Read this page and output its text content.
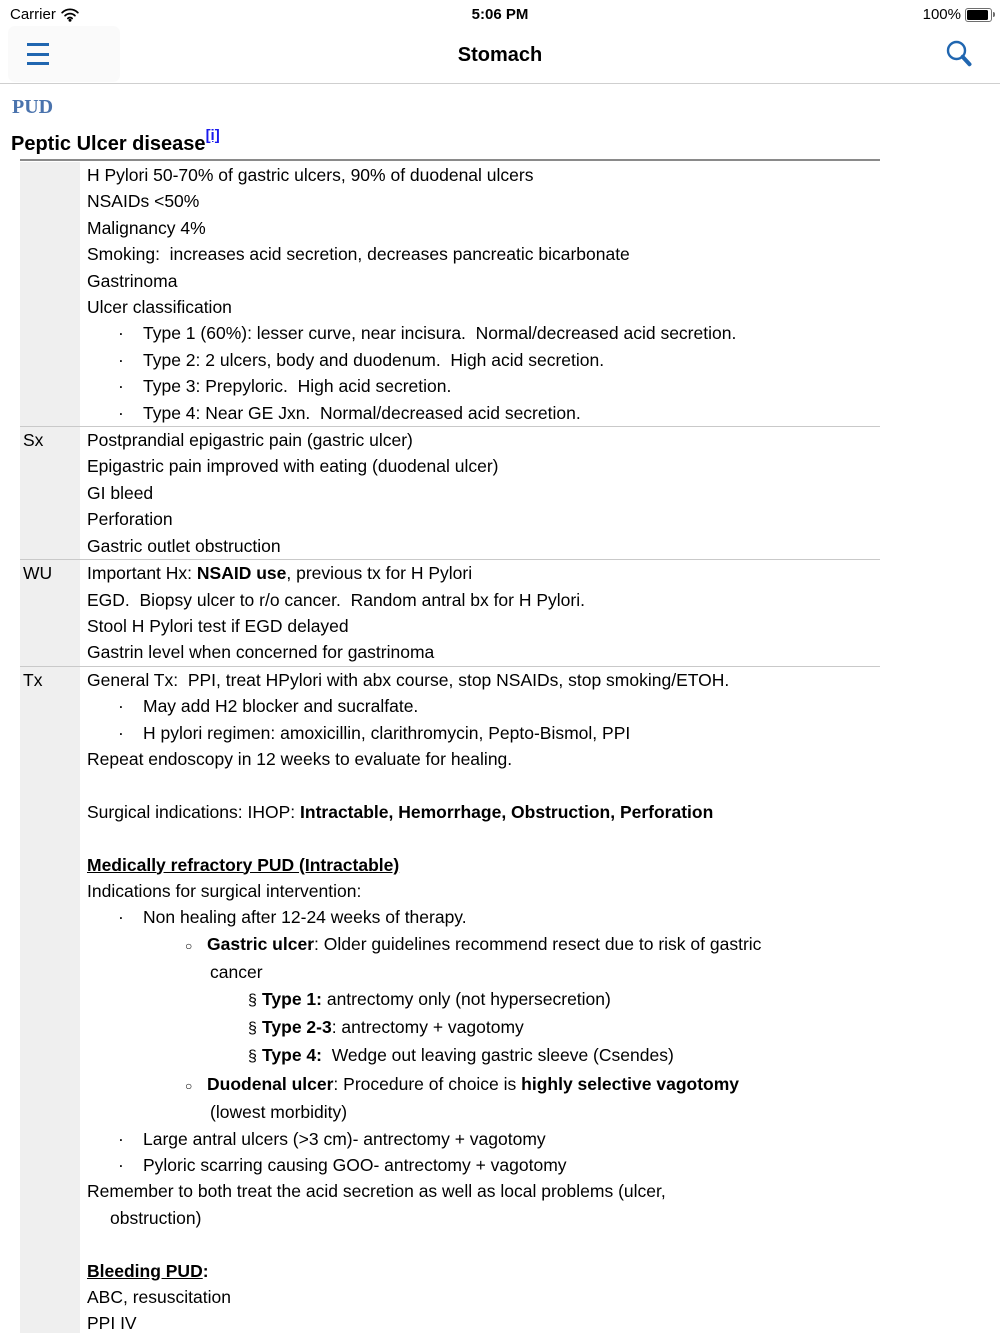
Carrier	5:06 PM	100%
Stomach
PUD
Peptic Ulcer disease[i]
H Pylori 50-70% of gastric ulcers, 90% of duodenal ulcers
NSAIDs <50%
Malignancy 4%
Smoking:  increases acid secretion, decreases pancreatic bicarbonate
Gastrinoma
Ulcer classification
· Type 1 (60%): lesser curve, near incisura.  Normal/decreased acid secretion.
· Type 2: 2 ulcers, body and duodenum.  High acid secretion.
· Type 3: Prepyloric.  High acid secretion.
· Type 4: Near GE Jxn.  Normal/decreased acid secretion.
Sx	Postprandial epigastric pain (gastric ulcer)
Epigastric pain improved with eating (duodenal ulcer)
GI bleed
Perforation
Gastric outlet obstruction
WU	Important Hx: NSAID use, previous tx for H Pylori
EGD.  Biopsy ulcer to r/o cancer.  Random antral bx for H Pylori.
Stool H Pylori test if EGD delayed
Gastrin level when concerned for gastrinoma
Tx	General Tx:  PPI, treat HPylori with abx course, stop NSAIDs, stop smoking/ETOH.
· May add H2 blocker and sucralfate.
· H pylori regimen: amoxicillin, clarithromycin, Pepto-Bismol, PPI
Repeat endoscopy in 12 weeks to evaluate for healing.
Surgical indications: IHOP: Intractable, Hemorrhage, Obstruction, Perforation
Medically refractory PUD (Intractable)
Indications for surgical intervention:
· Non healing after 12-24 weeks of therapy.
○ Gastric ulcer: Older guidelines recommend resect due to risk of gastric
cancer
§ Type 1: antrectomy only (not hypersecretion)
§ Type 2-3: antrectomy + vagotomy
§ Type 4:  Wedge out leaving gastric sleeve (Csendes)
○ Duodenal ulcer: Procedure of choice is highly selective vagotomy
(lowest morbidity)
· Large antral ulcers (>3 cm)- antrectomy + vagotomy
· Pyloric scarring causing GOO- antrectomy + vagotomy
Remember to both treat the acid secretion as well as local problems (ulcer,
obstruction)
Bleeding PUD:
ABC, resuscitation
PPI IV
